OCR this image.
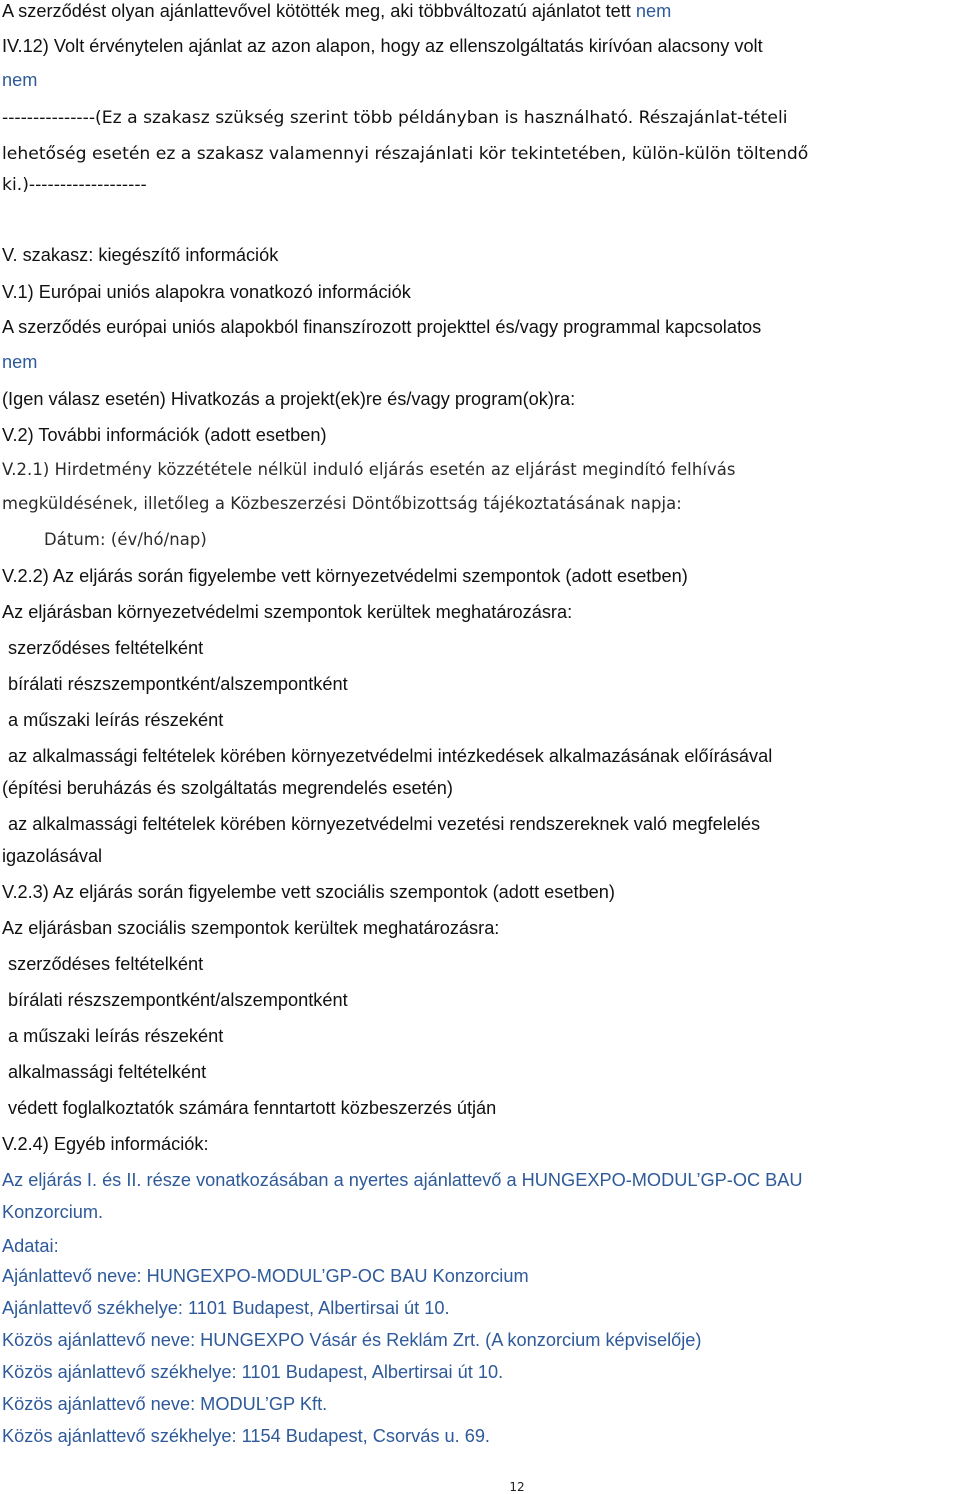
A szerződést olyan ajánlattevővel kötötték meg, aki többváltozatú ajánlatot tett nem

IV.12) Volt érvénytelen ajánlat az azon alapon, hogy az ellenszolgáltatás kirívóan alacsony volt

nem

---------------(Ez a szakasz szükség szerint több példányban is használható. Részajánlat-tételi

lehetőség esetén ez a szakasz valamennyi részajánlati kör tekintetében, külön-külön töltendő

ki.)-------------------

V. szakasz: kiegészítő információk

V.1) Európai uniós alapokra vonatkozó információk

A szerződés európai uniós alapokból finanszírozott projekttel és/vagy programmal kapcsolatos

nem

(Igen válasz esetén) Hivatkozás a projekt(ek)re és/vagy program(ok)ra:

V.2) További információk (adott esetben)

V.2.1) Hirdetmény közzététele nélkül induló eljárás esetén az eljárást megindító felhívás

megküldésének, illetőleg a Közbeszerzési Döntőbizottság tájékoztatásának napja:

Dátum: (év/hó/nap)

V.2.2) Az eljárás során figyelembe vett környezetvédelmi szempontok (adott esetben)

Az eljárásban környezetvédelmi szempontok kerültek meghatározásra:

szerződéses feltételként

bírálati részszempontként/alszempontként

a műszaki leírás részeként

az alkalmassági feltételek körében környezetvédelmi intézkedések alkalmazásának előírásával

(építési beruházás és szolgáltatás megrendelés esetén)

az alkalmassági feltételek körében környezetvédelmi vezetési rendszereknek való megfelelés

igazolásával

V.2.3) Az eljárás során figyelembe vett szociális szempontok (adott esetben)

Az eljárásban szociális szempontok kerültek meghatározásra:

szerződéses feltételként

bírálati részszempontként/alszempontként

a műszaki leírás részeként

alkalmassági feltételként

védett foglalkoztatók számára fenntartott közbeszerzés útján

V.2.4) Egyéb információk:

Az eljárás I. és II. része vonatkozásában a nyertes ajánlattevő a HUNGEXPO-MODUL’GP-OC BAU

Konzorcium.

Adatai:

Ajánlattevő neve: HUNGEXPO-MODUL’GP-OC BAU Konzorcium

Ajánlattevő székhelye: 1101 Budapest, Albertirsai út 10.

Közös ajánlattevő neve: HUNGEXPO Vásár és Reklám Zrt. (A konzorcium képviselője)

Közös ajánlattevő székhelye: 1101 Budapest, Albertirsai út 10.

Közös ajánlattevő neve: MODUL’GP Kft.

Közös ajánlattevő székhelye: 1154 Budapest, Csorvás u. 69.

12
